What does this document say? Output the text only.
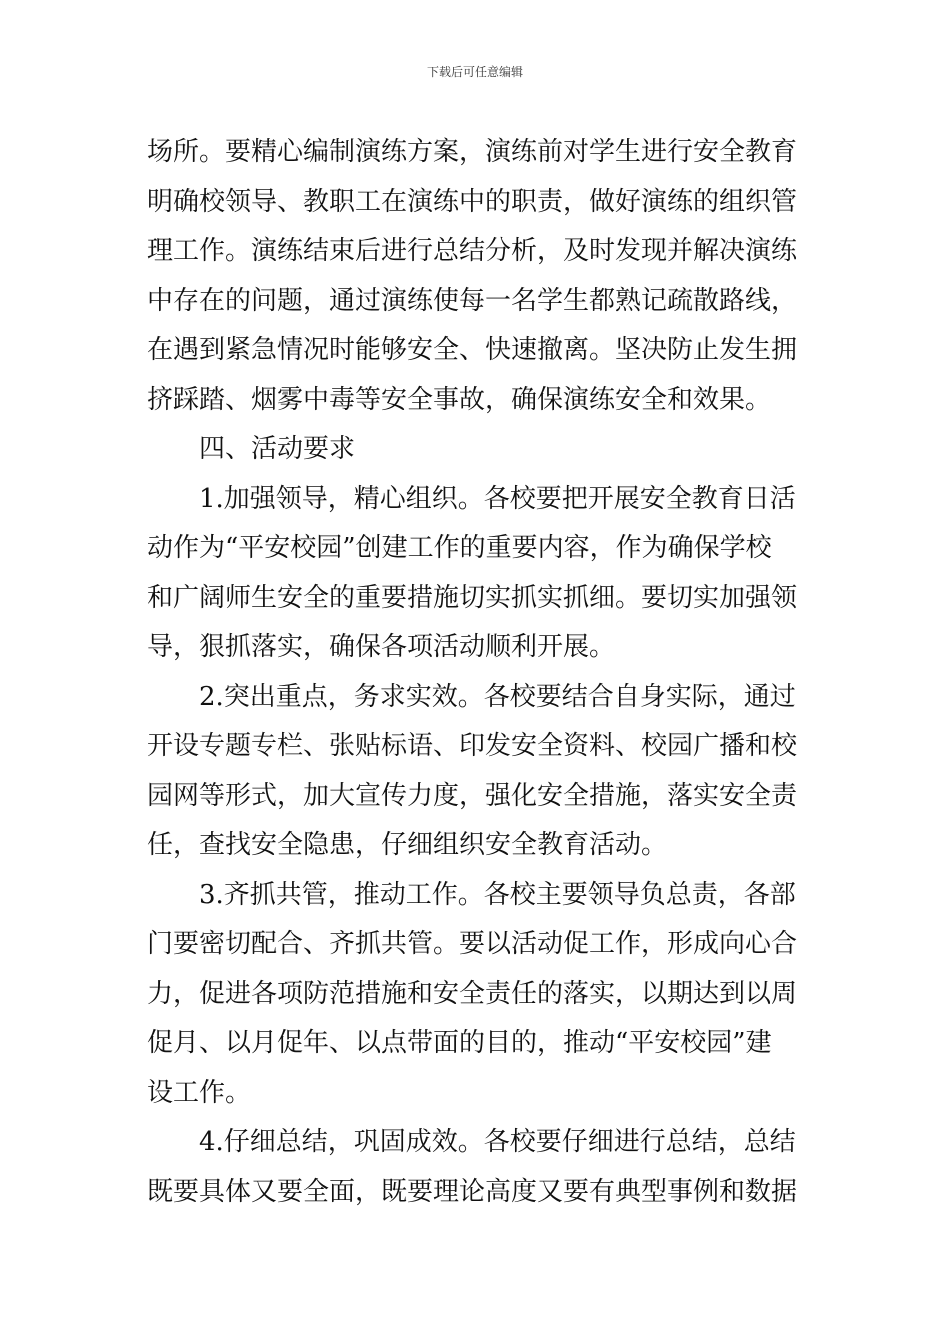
下载后可任意编辑
场所。要精心编制演练方案，演练前对学生进行安全教育
明确校领导、教职工在演练中的职责，做好演练的组织管
理工作。演练结束后进行总结分析，及时发现并解决演练
中存在的问题，通过演练使每一名学生都熟记疏散路线，
在遇到紧急情况时能够安全、快速撤离。坚决防止发生拥
挤踩踏、烟雾中毒等安全事故，确保演练安全和效果。
四、活动要求
1.加强领导，精心组织。各校要把开展安全教育日活
动作为“平安校园”创建工作的重要内容，作为确保学校
和广阔师生安全的重要措施切实抓实抓细。要切实加强领
导，狠抓落实，确保各项活动顺利开展。
2.突出重点，务求实效。各校要结合自身实际，通过
开设专题专栏、张贴标语、印发安全资料、校园广播和校
园网等形式，加大宣传力度，强化安全措施，落实安全责
任，查找安全隐患，仔细组织安全教育活动。
3.齐抓共管，推动工作。各校主要领导负总责，各部
门要密切配合、齐抓共管。要以活动促工作，形成向心合
力，促进各项防范措施和安全责任的落实，以期达到以周
促月、以月促年、以点带面的目的，推动“平安校园”建
设工作。
4.仔细总结，巩固成效。各校要仔细进行总结，总结
既要具体又要全面，既要理论高度又要有典型事例和数据
